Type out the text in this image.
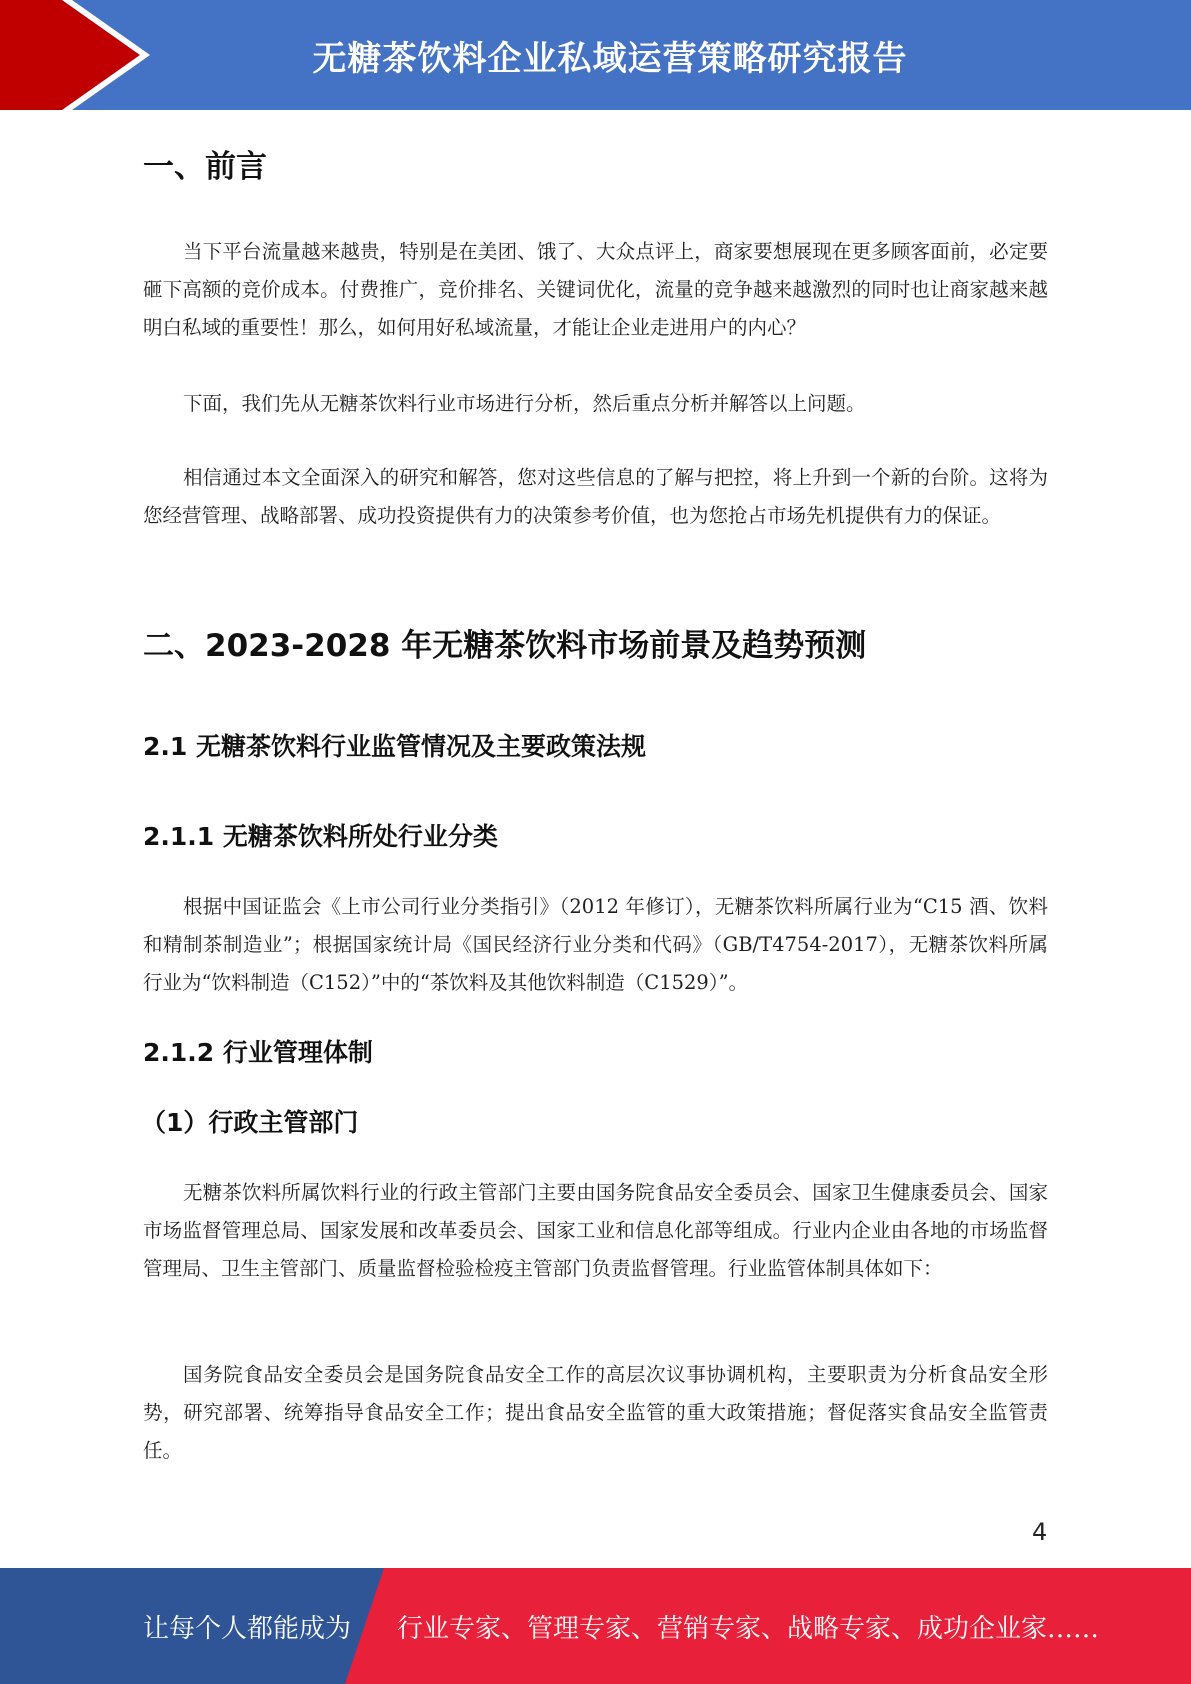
无糖茶饮料企业私域运营策略研究报告
一、前言
当下平台流量越来越贵，特别是在美团、饿了、大众点评上，商家要想展现在更多顾客面前，必定要砸下高额的竞价成本。付费推广，竞价排名、关键词优化，流量的竞争越来越激烈的同时也让商家越来越明白私域的重要性！那么，如何用好私域流量，才能让企业走进用户的内心？
下面，我们先从无糖茶饮料行业市场进行分析，然后重点分析并解答以上问题。
相信通过本文全面深入的研究和解答，您对这些信息的了解与把控，将上升到一个新的台阶。这将为您经营管理、战略部署、成功投资提供有力的决策参考价值，也为您抢占市场先机提供有力的保证。
二、2023-2028 年无糖茶饮料市场前景及趋势预测
2.1 无糖茶饮料行业监管情况及主要政策法规
2.1.1 无糖茶饮料所处行业分类
根据中国证监会《上市公司行业分类指引》（2012 年修订），无糖茶饮料所属行业为“C15 酒、饮料和精制茶制造业”；根据国家统计局《国民经济行业分类和代码》（GB/T4754-2017），无糖茶饮料所属行业为“饮料制造（C152）”中的“茶饮料及其他饮料制造（C1529）”。
2.1.2 行业管理体制
（1）行政主管部门
无糖茶饮料所属饮料行业的行政主管部门主要由国务院食品安全委员会、国家卫生健康委员会、国家市场监督管理总局、国家发展和改革委员会、国家工业和信息化部等组成。行业内企业由各地的市场监督管理局、卫生主管部门、质量监督检验检疫主管部门负责监督管理。行业监管体制具体如下：
国务院食品安全委员会是国务院食品安全工作的高层次议事协调机构，主要职责为分析食品安全形势，研究部署、统筹指导食品安全工作；提出食品安全监管的重大政策措施；督促落实食品安全监管责任。
4
让每个人都能成为 行业专家、管理专家、营销专家、战略专家、成功企业家……
